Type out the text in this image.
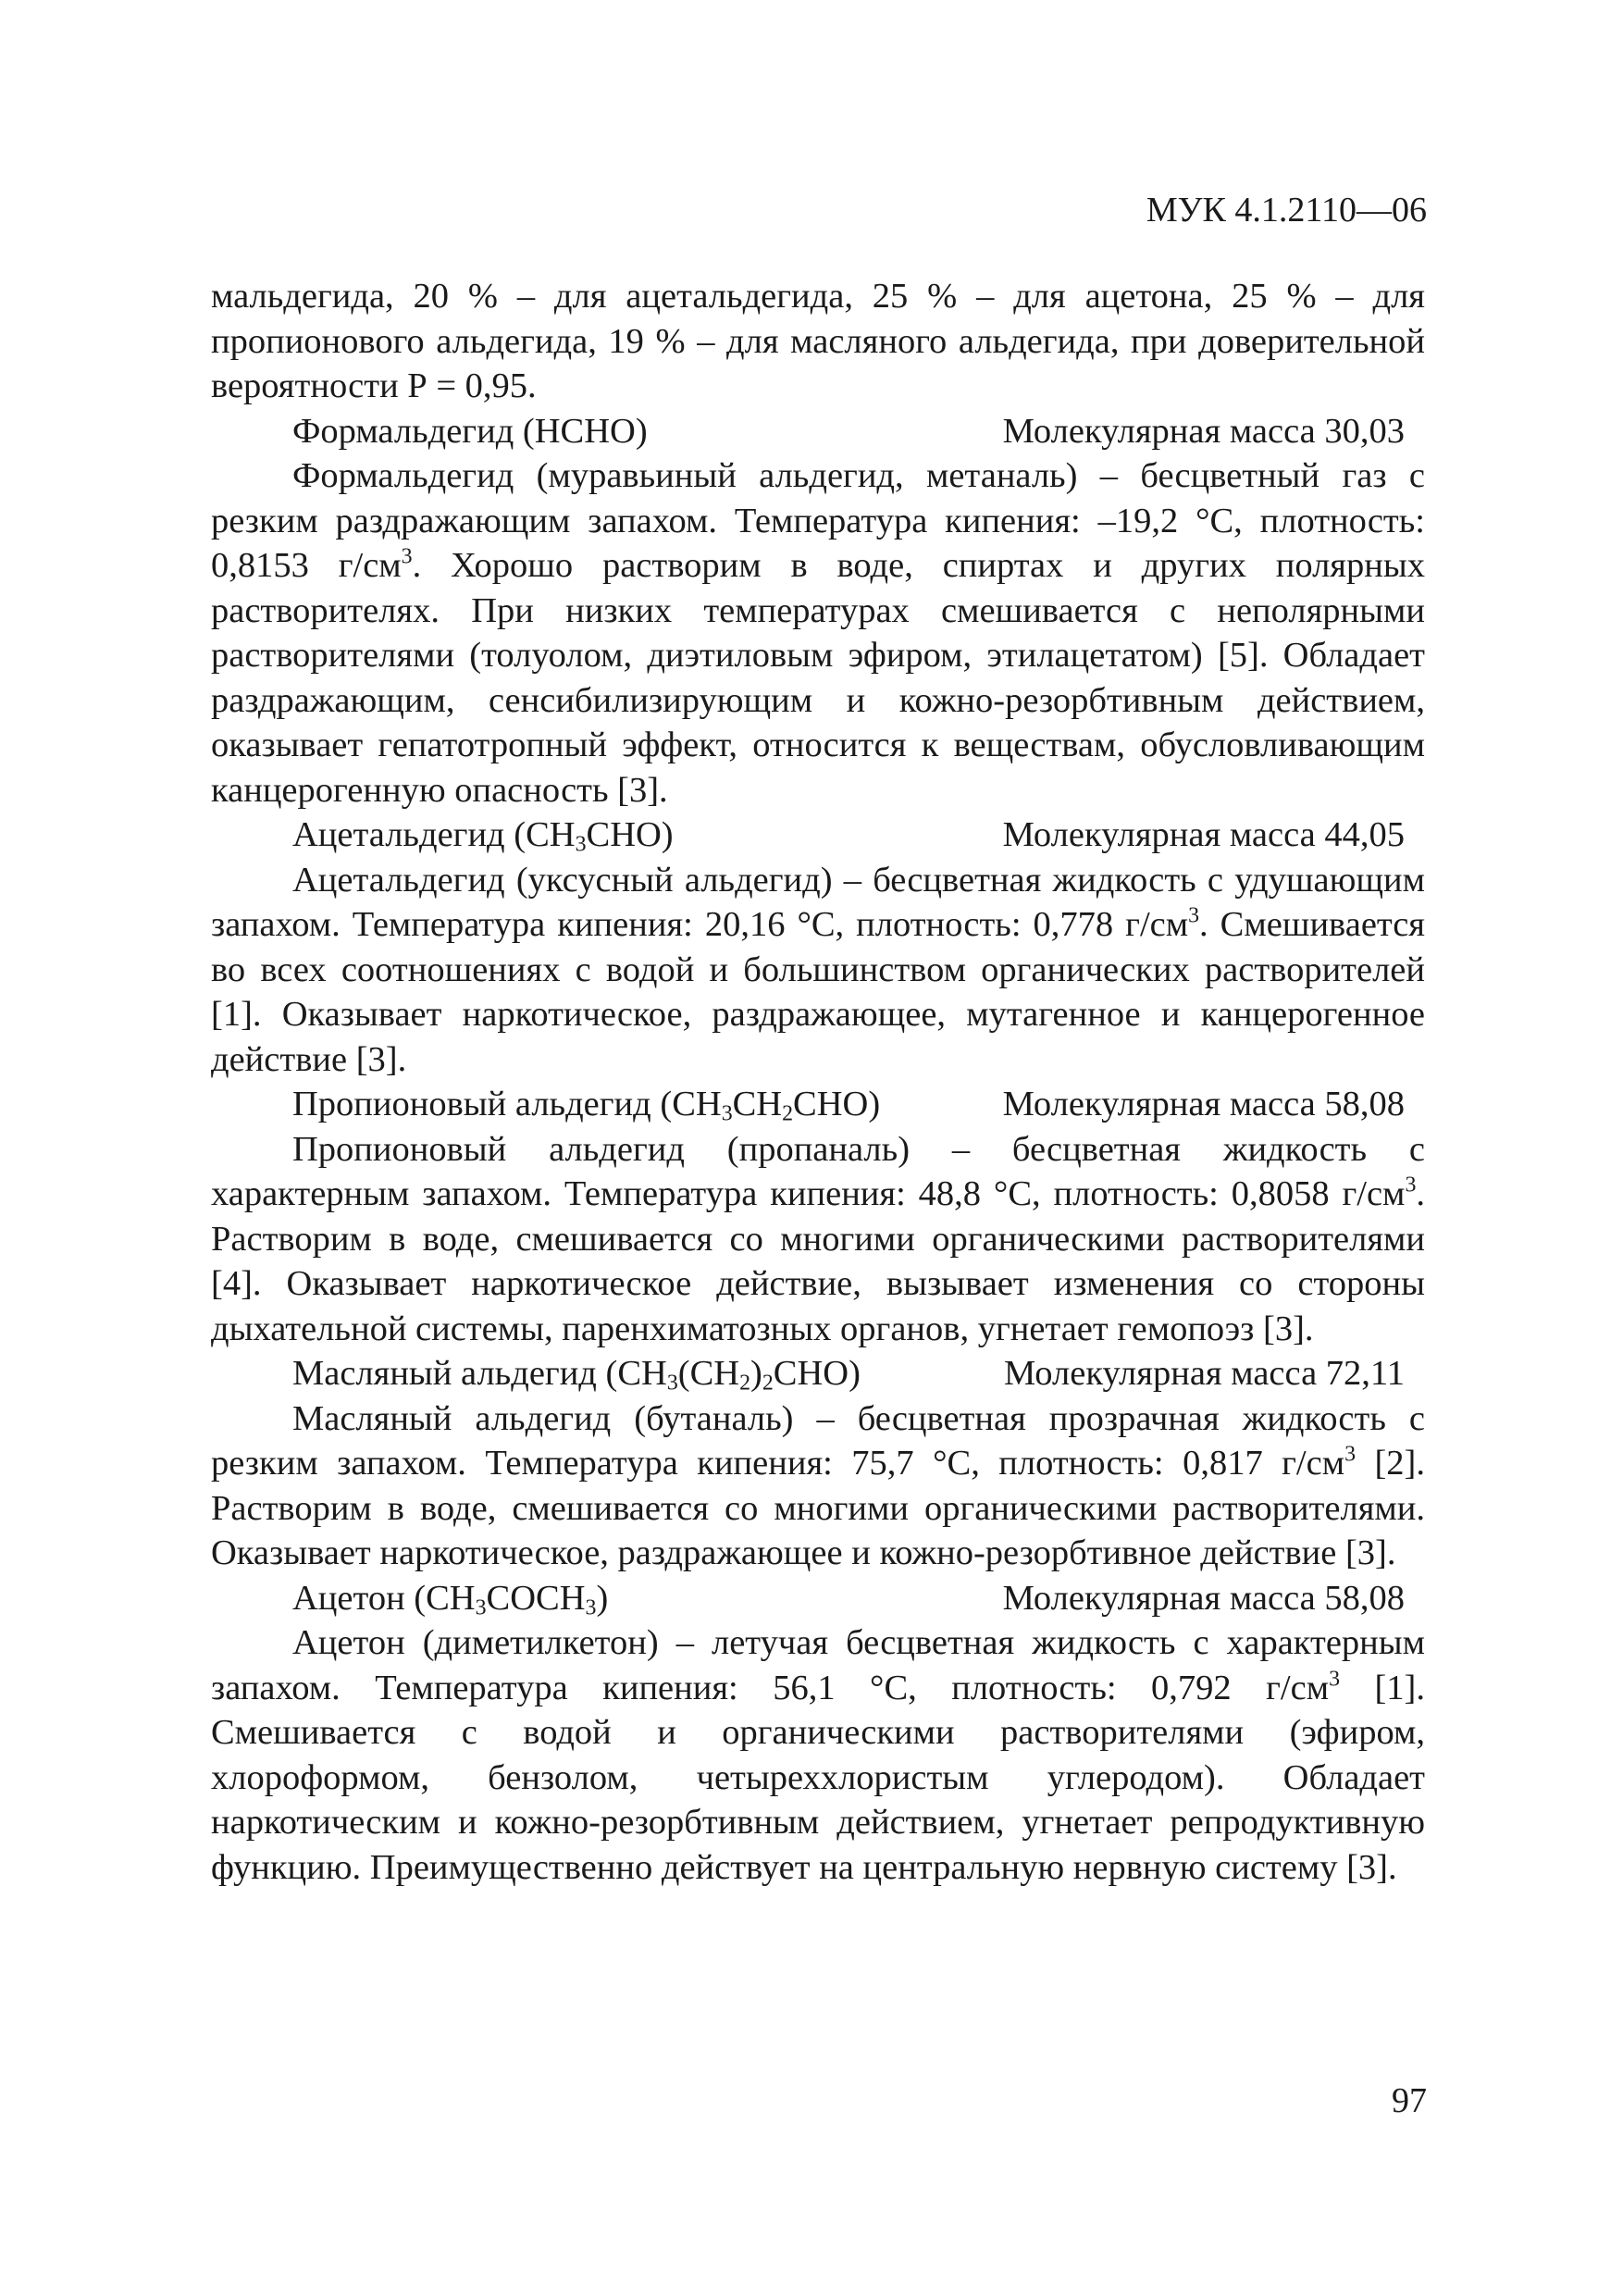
МУК 4.1.2110—06

мальдегида, 20 % – для ацетальдегида, 25 % – для ацетона, 25 % – для пропионового альдегида, 19 % – для масляного альдегида, при доверительной вероятности Р = 0,95.

Формальдегид (HCHO)	Молекулярная масса 30,03

Формальдегид (муравьиный альдегид, метаналь) – бесцветный газ с резким раздражающим запахом. Температура кипения: –19,2 °С, плотность: 0,8153 $г/см^3$. Хорошо растворим в воде, спиртах и других полярных растворителях. При низких температурах смешивается с неполярными растворителями (толуолом, диэтиловым эфиром, этилацетатом) [5]. Обладает раздражающим, сенсибилизирующим и кожно-резорбтивным действием, оказывает гепатотропный эффект, относится к веществам, обусловливающим канцерогенную опасность [3].

Ацетальдегид $(CH_3CHO)$	Молекулярная масса 44,05

Ацетальдегид (уксусный альдегид) – бесцветная жидкость с удушающим запахом. Температура кипения: 20,16 °С, плотность: 0,778 $г/см^3$. Смешивается во всех соотношениях с водой и большинством органических растворителей [1]. Оказывает наркотическое, раздражающее, мутагенное и канцерогенное действие [3].

Пропионовый альдегид $(CH_3CH_2CHO)$	Молекулярная масса 58,08

Пропионовый альдегид (пропаналь) – бесцветная жидкость с характерным запахом. Температура кипения: 48,8 °С, плотность: 0,8058 $г/см^3$. Растворим в воде, смешивается со многими органическими растворителями [4]. Оказывает наркотическое действие, вызывает изменения со стороны дыхательной системы, паренхиматозных органов, угнетает гемопоэз [3].

Масляный альдегид $(CH_3(CH_2)_2CHO)$	Молекулярная масса 72,11

Масляный альдегид (бутаналь) – бесцветная прозрачная жидкость с резким запахом. Температура кипения: 75,7 °С, плотность: 0,817 $г/см^3$ [2]. Растворим в воде, смешивается со многими органическими растворителями. Оказывает наркотическое, раздражающее и кожно-резорбтивное действие [3].

Ацетон $(CH_3COCH_3)$	Молекулярная масса 58,08

Ацетон (диметилкетон) – летучая бесцветная жидкость с характерным запахом. Температура кипения: 56,1 °С, плотность: 0,792 $г/см^3$ [1]. Смешивается с водой и органическими растворителями (эфиром, хлороформом, бензолом, четыреххлористым углеродом). Обладает наркотическим и кожно-резорбтивным действием, угнетает репродуктивную функцию. Преимущественно действует на центральную нервную систему [3].

97
